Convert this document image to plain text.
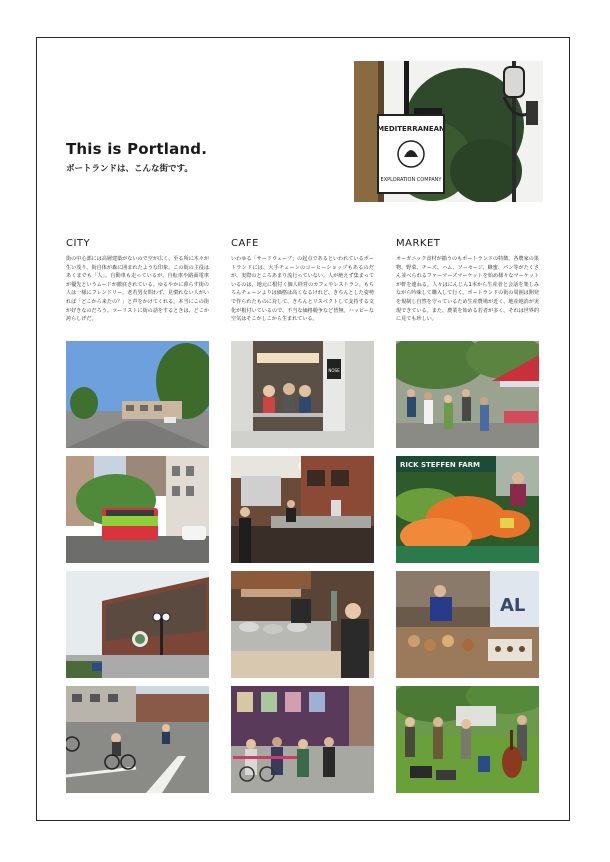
This is Portland.

ポートランドは、こんな街です。

MEDITERRANEAN
EXPLORATION COMPANY
CITY

街の中心部には高層建築がないので空が広く、至る所に木々が生い茂り、街自体が森に囲まれたような印象。この街の主役はあくまでも「人」。自動車も走っているが、自転車や路面電車が優先というムードが徹底されている。ゆるやかに暮らす街の人は一様にフレンドリー。老若男女問わず、見慣れない人がいれば「どこから来たの？」と声をかけてくれる。本当にこの街が好きなのだろう。ツーリストに街の話をするときは、どこか誇らしげだ。

CAFE

いわゆる「サードウェーブ」の起点であるといわれているポートランドには、大手チェーンのコーヒーショップもあるのだが、実際のところあまり流行っていない。人が絶えず集まっているのは、地元に根付く個人経営のカフェやレストラン。もちろんチェーンよりは価格は高くなるけれど、きちんとした姿勢で作られたものに対して、きちんとリスペクトして支持する文化が根付いているので、不当な価格競争など皆無。ハッピーな空気はそこかしこから生まれている。

MARKET

オーガニック食材が揃うのもポートランドの特徴。各農家の果物、野菜、チーズ、ハム、ソーセージ、蜂蜜、パン等がたくさん並べられるファーマーズマーケットを始め様々なマーケットが軒を連ねる。人々はにんじん1本から生産者と会話を楽しみながら吟味して購入して行く。ポートランドの街の周囲は開発を規制し自然を守っているため生産農場が近く、地産地消が実現できている。また、農業を始める若者が多く、それは世界的に見ても珍しい。

NOSE
RICK STEFFEN FARM
AL
